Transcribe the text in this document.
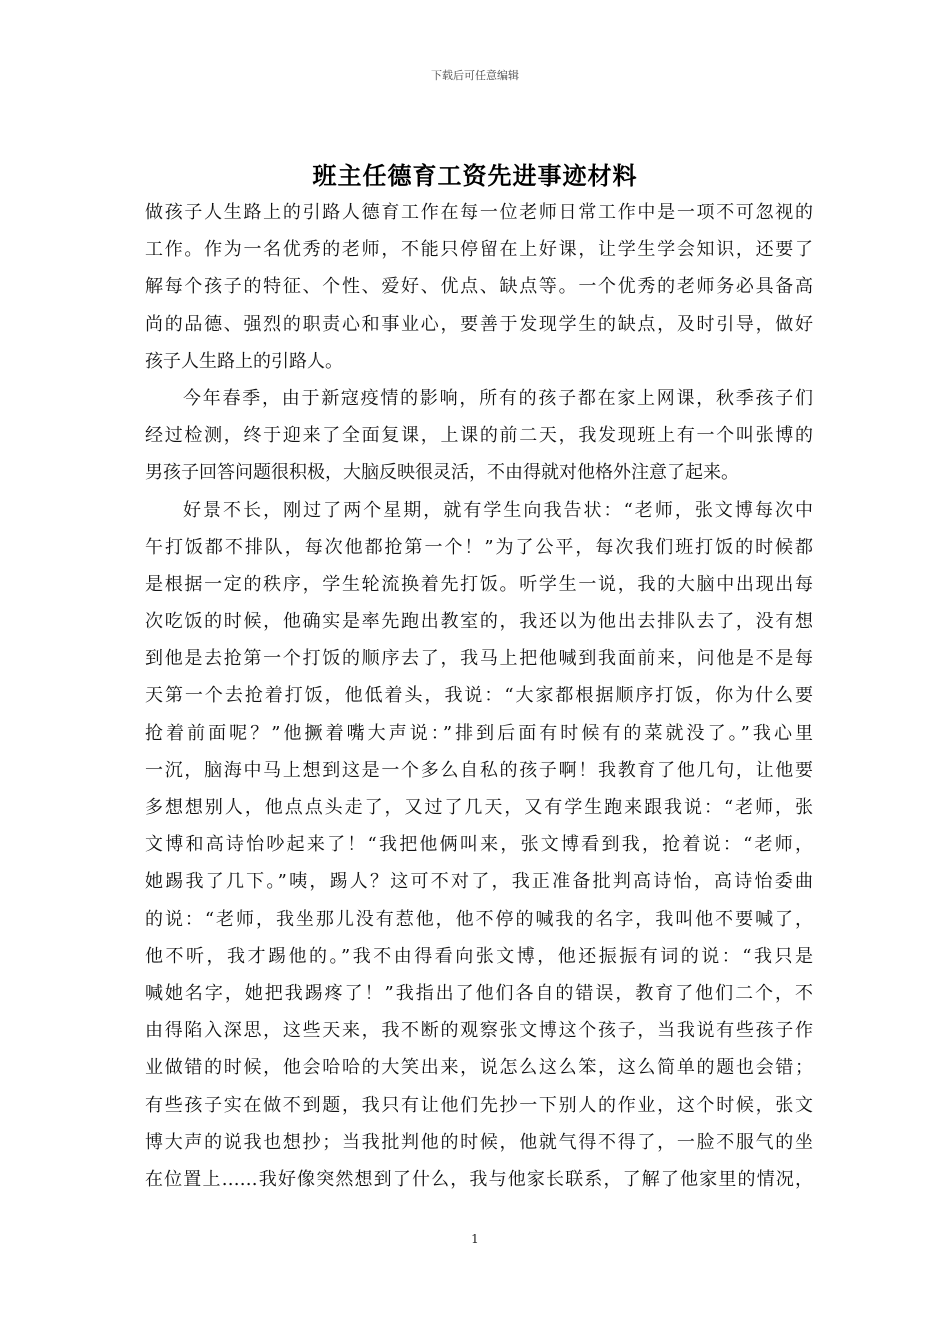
下载后可任意编辑
班主任德育工资先进事迹材料
做孩子人生路上的引路人德育工作在每一位老师日常工作中是一项不可忽视的
工作。作为一名优秀的老师，不能只停留在上好课，让学生学会知识，还要了
解每个孩子的特征、个性、爱好、优点、缺点等。一个优秀的老师务必具备高
尚的品德、强烈的职责心和事业心，要善于发现学生的缺点，及时引导，做好
孩子人生路上的引路人。
今年春季，由于新寇疫情的影响，所有的孩子都在家上网课，秋季孩子们
经过检测，终于迎来了全面复课，上课的前二天，我发现班上有一个叫张博的
男孩子回答问题很积极，大脑反映很灵活，不由得就对他格外注意了起来。
好景不长，刚过了两个星期，就有学生向我告状：“老师，张文博每次中
午打饭都不排队，每次他都抢第一个！”为了公平，每次我们班打饭的时候都
是根据一定的秩序，学生轮流换着先打饭。听学生一说，我的大脑中出现出每
次吃饭的时候，他确实是率先跑出教室的，我还以为他出去排队去了，没有想
到他是去抢第一个打饭的顺序去了，我马上把他喊到我面前来，问他是不是每
天第一个去抢着打饭，他低着头，我说：“大家都根据顺序打饭，你为什么要
抢着前面呢？”他撅着嘴大声说：”排到后面有时候有的菜就没了。”我心里
一沉，脑海中马上想到这是一个多么自私的孩子啊！我教育了他几句，让他要
多想想别人，他点点头走了，又过了几天，又有学生跑来跟我说：“老师，张
文博和高诗怡吵起来了！“我把他俩叫来，张文博看到我，抢着说：“老师，
她踢我了几下。”咦，踢人？这可不对了，我正准备批判高诗怡，高诗怡委曲
的说：“老师，我坐那儿没有惹他，他不停的喊我的名字，我叫他不要喊了，
他不听，我才踢他的。”我不由得看向张文博，他还振振有词的说：“我只是
喊她名字，她把我踢疼了！”我指出了他们各自的错误，教育了他们二个，不
由得陷入深思，这些天来，我不断的观察张文博这个孩子，当我说有些孩子作
业做错的时候，他会哈哈的大笑出来，说怎么这么笨，这么简单的题也会错；
有些孩子实在做不到题，我只有让他们先抄一下别人的作业，这个时候，张文
博大声的说我也想抄；当我批判他的时候，他就气得不得了，一脸不服气的坐
在位置上……我好像突然想到了什么，我与他家长联系，了解了他家里的情况，
1
